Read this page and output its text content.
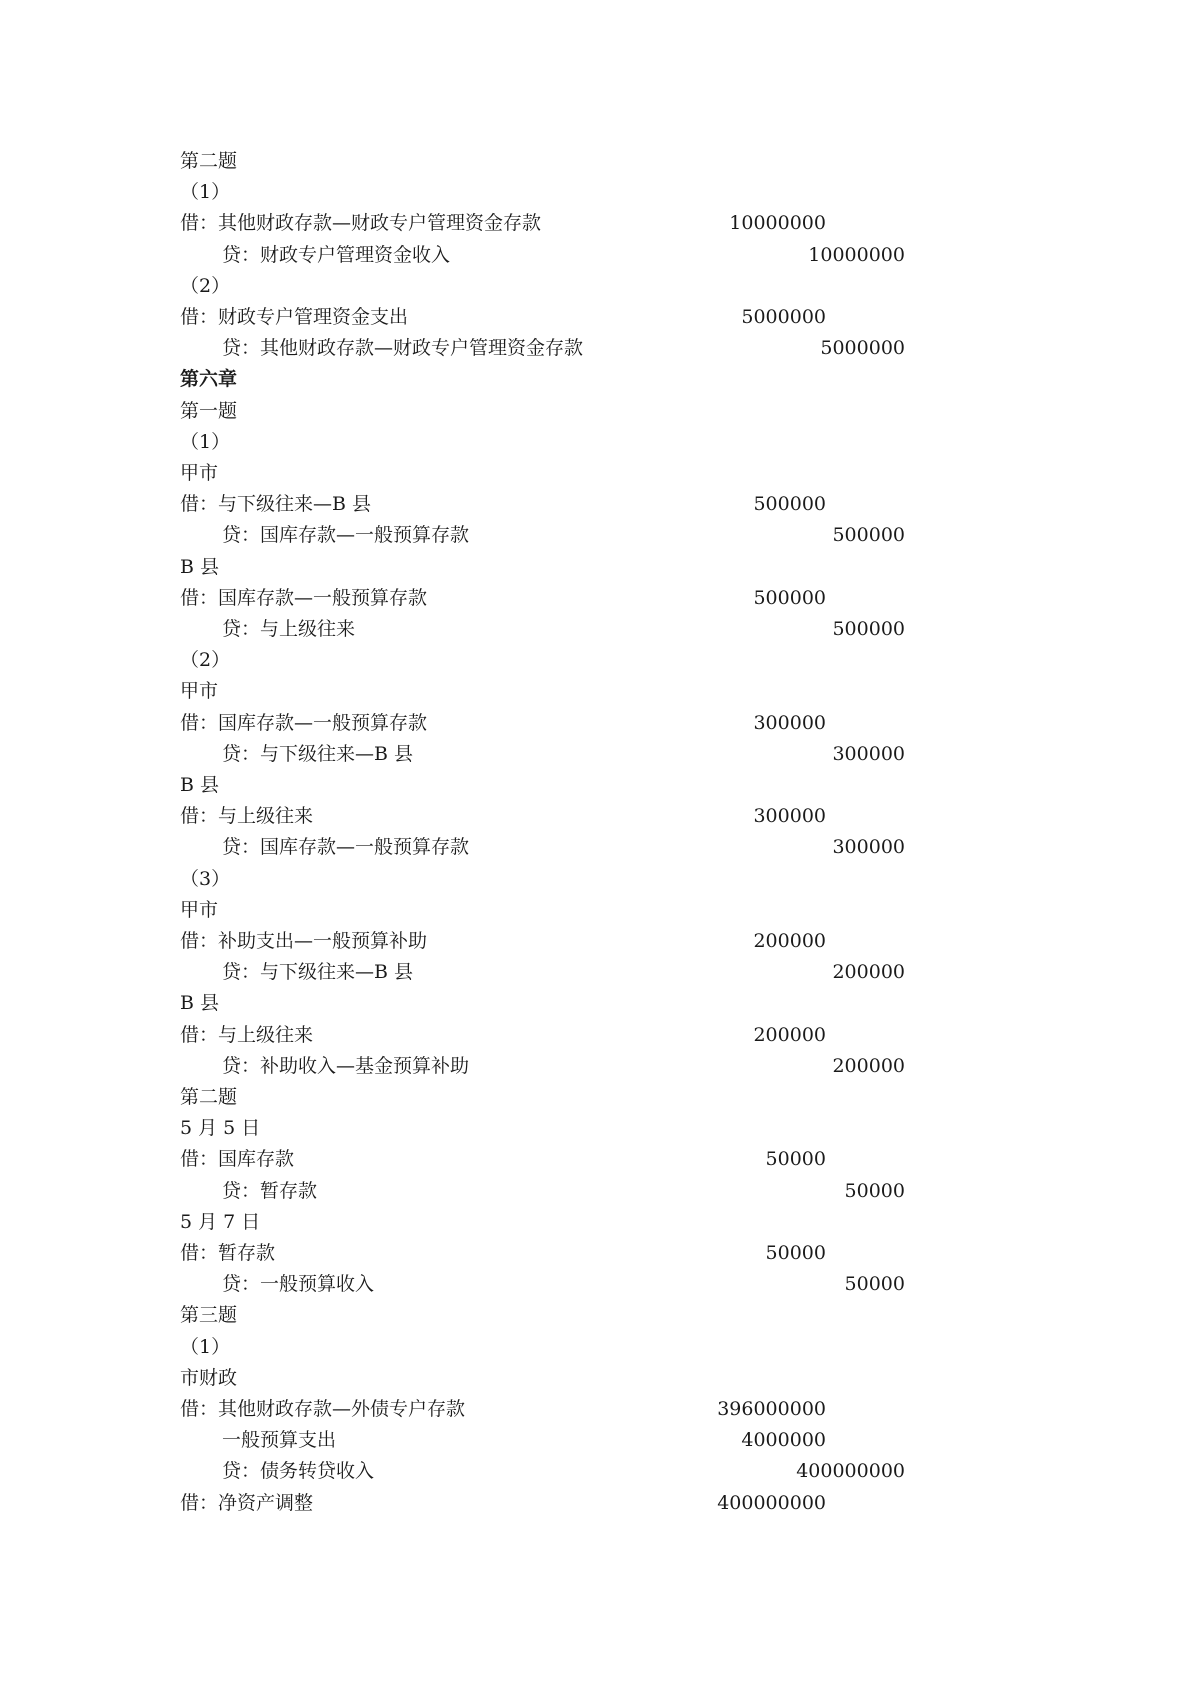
第二题
（1）
借：其他财政存款—财政专户管理资金存款	10000000
贷：财政专户管理资金收入	10000000
（2）
借：财政专户管理资金支出	5000000
贷：其他财政存款—财政专户管理资金存款	5000000
第六章
第一题
（1）
甲市
借：与下级往来—B 县	500000
贷：国库存款—一般预算存款	500000
B 县
借：国库存款—一般预算存款	500000
贷：与上级往来	500000
（2）
甲市
借：国库存款—一般预算存款	300000
贷：与下级往来—B 县	300000
B 县
借：与上级往来	300000
贷：国库存款—一般预算存款	300000
（3）
甲市
借：补助支出—一般预算补助	200000
贷：与下级往来—B 县	200000
B 县
借：与上级往来	200000
贷：补助收入—基金预算补助	200000
第二题
5 月 5 日
借：国库存款	50000
贷：暂存款	50000
5 月 7 日
借：暂存款	50000
贷：一般预算收入	50000
第三题
（1）
市财政
借：其他财政存款—外债专户存款	396000000
一般预算支出	4000000
贷：债务转贷收入	400000000
借：净资产调整	400000000
